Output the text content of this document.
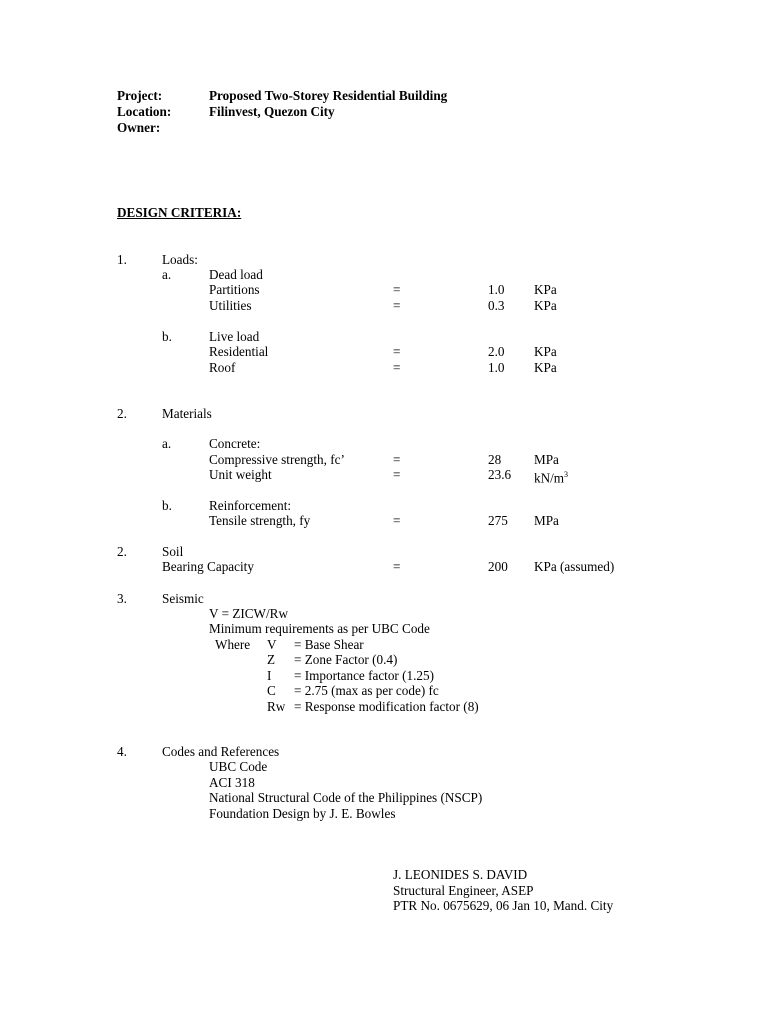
Project:	Proposed Two-Storey Residential Building
Location:	Filinvest, Quezon City
Owner:
DESIGN CRITERIA:
1.	Loads:
a.	Dead load
Partitions	=	1.0 KPa
Utilities	=	0.3 KPa
b.	Live load
Residential	=	2.0 KPa
Roof	=	1.0 KPa
2.	Materials
a.	Concrete:
Compressive strength, fc’	=	28 MPa
Unit weight	=	23.6 $kN/m^3$
b.	Reinforcement:
Tensile strength, fy	=	275 MPa
2.	Soil
Bearing Capacity	=	200 KPa (assumed)
3.	Seismic
V = ZICW/Rw
Minimum requirements as per UBC Code
Where V = Base Shear
Z = Zone Factor (0.4)
I = Importance factor (1.25)
C = 2.75 (max as per code) fc
Rw = Response modification factor (8)
4.	Codes and References
UBC Code
ACI 318
National Structural Code of the Philippines (NSCP)
Foundation Design by J. E. Bowles
J. LEONIDES S. DAVID
Structural Engineer, ASEP
PTR No. 0675629, 06 Jan 10, Mand. City
